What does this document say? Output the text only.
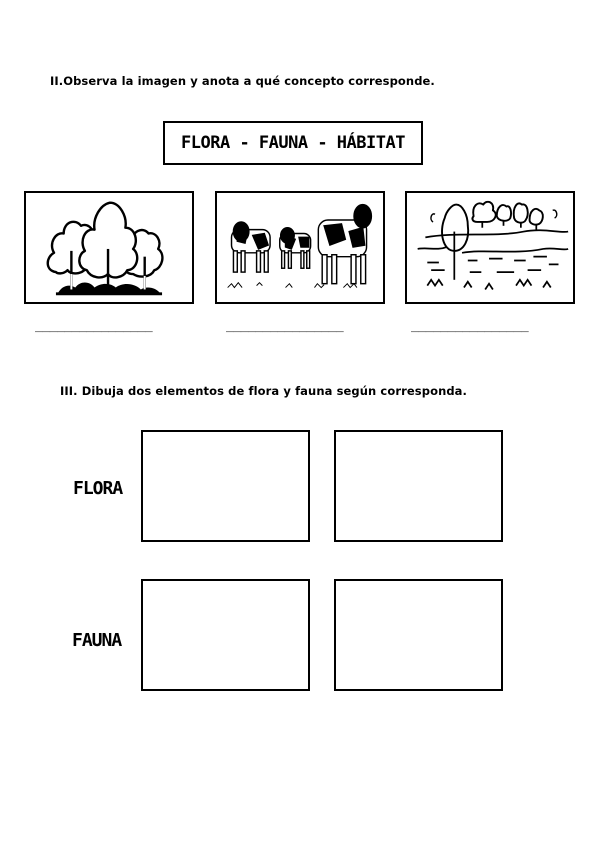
II.Observa la imagen y anota a qué concepto corresponde.
FLORA - FAUNA - HÁBITAT
________________	________________	________________
III. Dibuja dos elementos de flora y fauna según corresponda.
FLORA
FAUNA
